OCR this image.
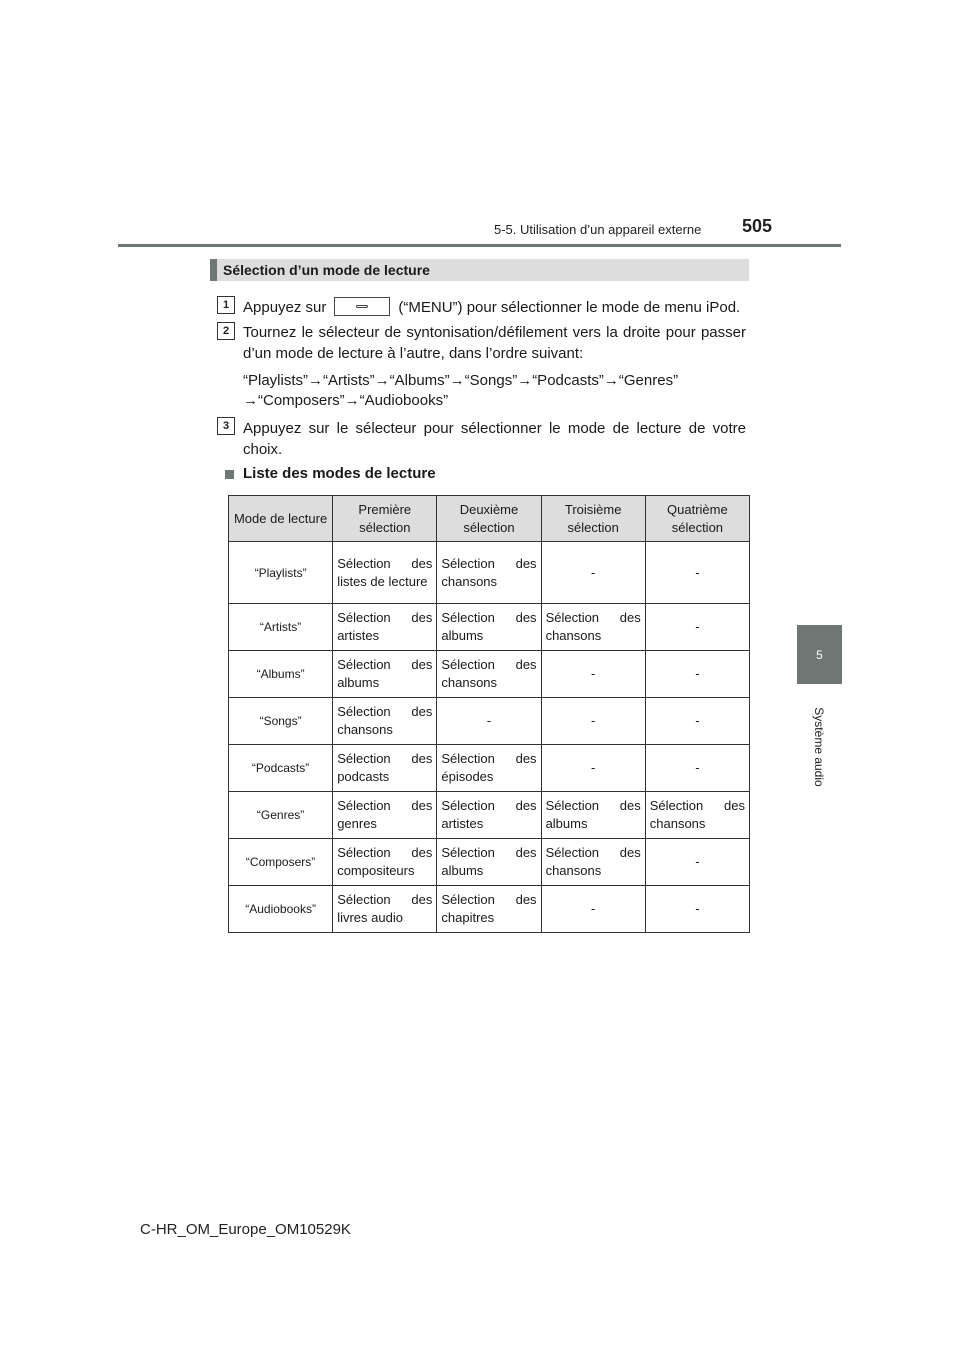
5-5. Utilisation d’un appareil externe 505
5
Système audio
Sélection d’un mode de lecture
1 Appuyez sur	(“MENU”) pour sélectionner le mode de menu iPod.
2 Tournez le sélecteur de syntonisation/défilement vers la droite pour passer d’un mode de lecture à l’autre, dans l’ordre suivant:
“Playlists”→“Artists”→“Albums”→“Songs”→“Podcasts”→“Genres”
→“Composers”→“Audiobooks”
3 Appuyez sur le sélecteur pour sélectionner le mode de lecture de votre choix.
Liste des modes de lecture
Mode de lecture	Première sélection	Deuxième sélection	Troisième sélection	Quatrième sélection
“Playlists”	Sélection des listes de lecture	Sélection des chansons	-	-
“Artists”	Sélection des artistes	Sélection des albums	Sélection des chansons	-
“Albums”	Sélection des albums	Sélection des chansons	-	-
“Songs”	Sélection des chansons	-	-	-
“Podcasts”	Sélection des podcasts	Sélection des épisodes	-	-
“Genres”	Sélection des genres	Sélection des artistes	Sélection des albums	Sélection des chansons
“Composers”	Sélection des compositeurs	Sélection des albums	Sélection des chansons	-
“Audiobooks”	Sélection des livres audio	Sélection des chapitres	-	-
C-HR_OM_Europe_OM10529K
